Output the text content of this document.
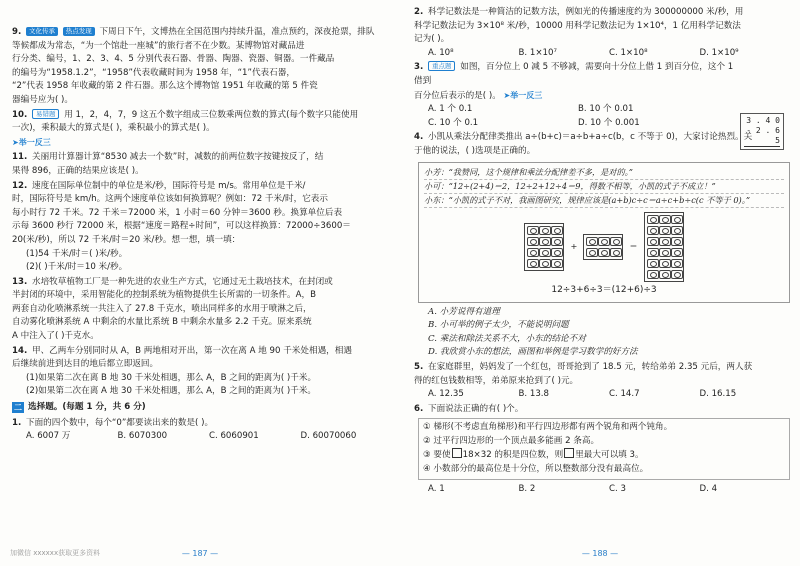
9. 文化传承 热点发现 下周日下午，文博热在全国范围内持续升温，准点预约，深夜抢票，排队
等候都成为常态，“为一个馆赴一座城”的旅行者不在少数。某博物馆对藏品进
行分类、编号，1、2、3、4、5 分别代表石器、骨器、陶器、瓷器、铜器。一件藏品
的编号为“1958.1.2”，“1958”代表收藏时间为 1958 年，“1”代表石器，
“2”代表 1958 年收藏的第 2 件石器。那么这个博物馆 1951 年收藏的第 5 件瓷
器编号应为( )。
10. 易错题 用 1，2，4，7，9 这五个数字组成三位数乘两位数的算式(每个数字只能使用
一次)，乘积最大的算式是( )，乘积最小的算式是( )。
➤举一反三
11. 关丽用计算器计算“8530 减去一个数”时，减数的前两位数字按键按反了，结
果得 896，正确的结果应该是( )。
12. 速度在国际单位制中的单位是米/秒，国际符号是 m/s。常用单位是千米/
时，国际符号是 km/h。这两个速度单位该如何换算呢？例如：72 千米/时，它表示
每小时行 72 千米。72 千米＝72000 米，1 小时＝60 分钟＝3600 秒。换算单位后表
示每 3600 秒行 72000 米，根据“速度＝路程÷时间”，可以这样换算：72000÷3600＝
20(米/秒)，所以 72 千米/时＝20 米/秒。想一想，填一填：
(1)54 千米/时＝( )米/秒。
(2)( )千米/时＝10 米/秒。
13. 水培牧草植物工厂是一种先进的农业生产方式，它通过无土栽培技术，在封闭或
半封闭的环境中，采用智能化的控制系统为植物提供生长所需的一切条件。A，B
两套自动化喷淋系统一共注入了 27.8 千克水，喷出同样多的水用于喷淋之后，
自动雾化喷淋系统 A 中剩余的水量比系统 B 中剩余水量多 2.2 千克。原来系统
A 中注入了( )千克水。
14. 甲、乙两车分别同时从 A，B 两地相对开出，第一次在离 A 地 90 千米处相遇，相遇
后继续前进到达目的地后都立即返回。
(1)如果第二次在离 B 地 30 千米处相遇，那么 A，B 之间的距离为( )千米。
(2)如果第二次在离 A 地 30 千米处相遇，那么 A，B 之间的距离为( )千米。
二 选择题。(每题 1 分，共 6 分)
1. 下面的四个数中，每个“0”都要读出来的数是( )。
A. 6007 万	B. 6070300	C. 6060901	D. 60070060
加微信 xxxxxx获取更多资料	— 187 —
2. 科学记数法是一种简洁的记数方法，例如光的传播速度约为 300000000 米/秒，用
科学记数法记为 3×10⁸ 米/秒，10000 用科学记数法记为 1×10⁴，1 亿用科学记数法
记为( )。
A. 10⁸	B. 1×10⁷	C. 1×10⁸	D. 1×10⁹
3. 重点题 如图，百分位上 0 减 5 不够减，需要向十分位上借 1 到百分位，这个 1 借到
百分位后表示的是( )。 ➤举一反三
A. 1 个 0.1	B. 10 个 0.01
C. 10 个 0.1	D. 10 个 0.001
4. 小凯从乘法分配律类推出 a÷(b+c)＝a÷b+a÷c(b，c 不等于 0)，大家讨论热烈。关
于他的说法，( )选项是正确的。
小芳：“我赞同，这个规律和乘法分配律差不多，是对的。”
小可：“12÷(2+4)＝2，12÷2+12÷4＝9，得数不相等，小凯的式子不成立！”
小东：“小凯的式子不对，我画图研究，规律应该是(a+b)c÷c＝a÷c+b÷c(c 不等于 0)。”
+	＝
12÷3+6÷3＝(12+6)÷3
A. 小芳说得有道理
B. 小可举的例子太少，不能说明问题
C. 乘法和除法关系不大，小东的结论不对
D. 我欣赏小东的想法，画图和举例是学习数学的好方法
5. 在家庭群里，妈妈发了一个红包，哥哥抢到了 18.5 元，转给弟弟 2.35 元后，两人获
得的红包钱数相等，弟弟原来抢到了( )元。
A. 12.35	B. 13.8	C. 14.7	D. 16.15
6. 下面说法正确的有( )个。
① 梯形(不考虑直角梯形)和平行四边形都有两个锐角和两个钝角。
② 过平行四边形的一个顶点最多能画 2 条高。
③ 要使 18×32 的积是四位数，则 里最大可以填 3。
④ 小数部分的最高位是十分位，所以整数部分没有最高位。
A. 1	B. 2	C. 3	D. 4
3 . 4 0
- 2 . 6 5
— 188 —
